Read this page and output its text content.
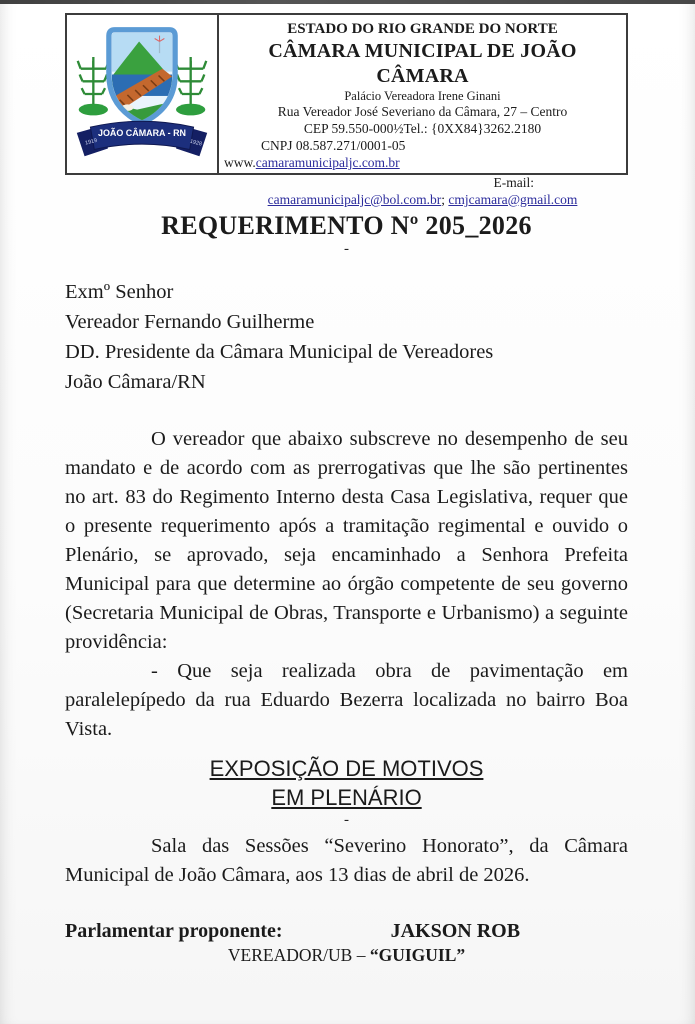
JOÃO CÂMARA - RN
1919	1928
ESTADO DO RIO GRANDE DO NORTE
CÂMARA MUNICIPAL DE JOÃO CÂMARA
Palácio Vereadora Irene Ginani
Rua Vereador José Severiano da Câmara, 27 – Centro
CEP 59.550-000½Tel.: {0XX84}3262.2180
CNPJ 08.587.271/0001-05
www.camaramunicipaljc.com.br
E-mail:
camaramunicipaljc@bol.com.br; cmjcamara@gmail.com
REQUERIMENTO Nº 205_2026
-
Exmº Senhor
Vereador Fernando Guilherme
DD. Presidente da Câmara Municipal de Vereadores
João Câmara/RN

O vereador que abaixo subscreve no desempenho de seu mandato e de acordo com as prerrogativas que lhe são pertinentes no art. 83 do Regimento Interno desta Casa Legislativa, requer que o presente requerimento após a tramitação regimental e ouvido o Plenário, se aprovado, seja encaminhado a Senhora Prefeita Municipal para que determine ao órgão competente de seu governo (Secretaria Municipal de Obras, Transporte e Urbanismo) a seguinte providência:

- Que seja realizada obra de pavimentação em paralelepípedo da rua Eduardo Bezerra localizada no bairro Boa Vista.

EXPOSIÇÃO DE MOTIVOS
EM PLENÁRIO
-

Sala das Sessões “Severino Honorato”, da Câmara Municipal de João Câmara, aos 13 dias de abril de 2026.

Parlamentar proponente:	JAKSON ROB
VEREADOR/UB – “GUIGUIL”
